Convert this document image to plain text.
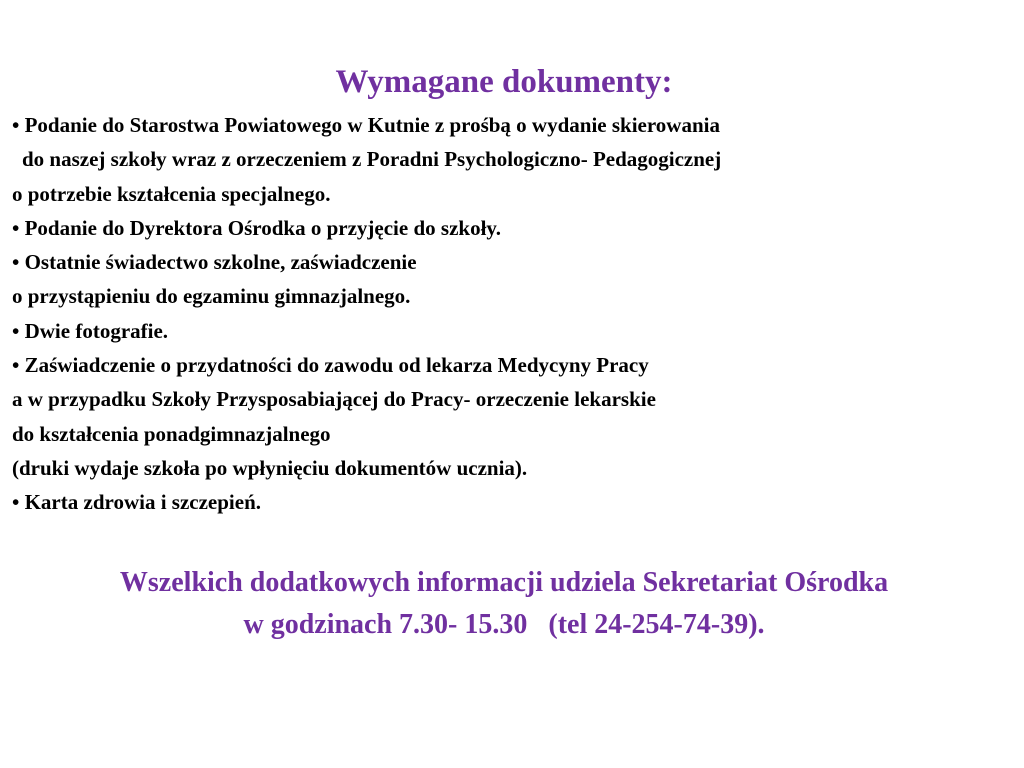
Wymagane dokumenty:
• Podanie do Starostwa Powiatowego w Kutnie z prośbą o wydanie skierowania
do naszej szkoły wraz z orzeczeniem z Poradni Psychologiczno- Pedagogicznej
o potrzebie kształcenia specjalnego.
• Podanie do Dyrektora Ośrodka o przyjęcie do szkoły.
• Ostatnie świadectwo szkolne, zaświadczenie
o przystąpieniu do egzaminu gimnazjalnego.
• Dwie fotografie.
• Zaświadczenie o przydatności do zawodu od lekarza Medycyny Pracy
a w przypadku Szkoły Przysposabiającej do Pracy- orzeczenie lekarskie
do kształcenia ponadgimnazjalnego
(druki wydaje szkoła po wpłynięciu dokumentów ucznia).
• Karta zdrowia i szczepień.
Wszelkich dodatkowych informacji udziela Sekretariat Ośrodka
w godzinach 7.30- 15.30   (tel 24-254-74-39).
